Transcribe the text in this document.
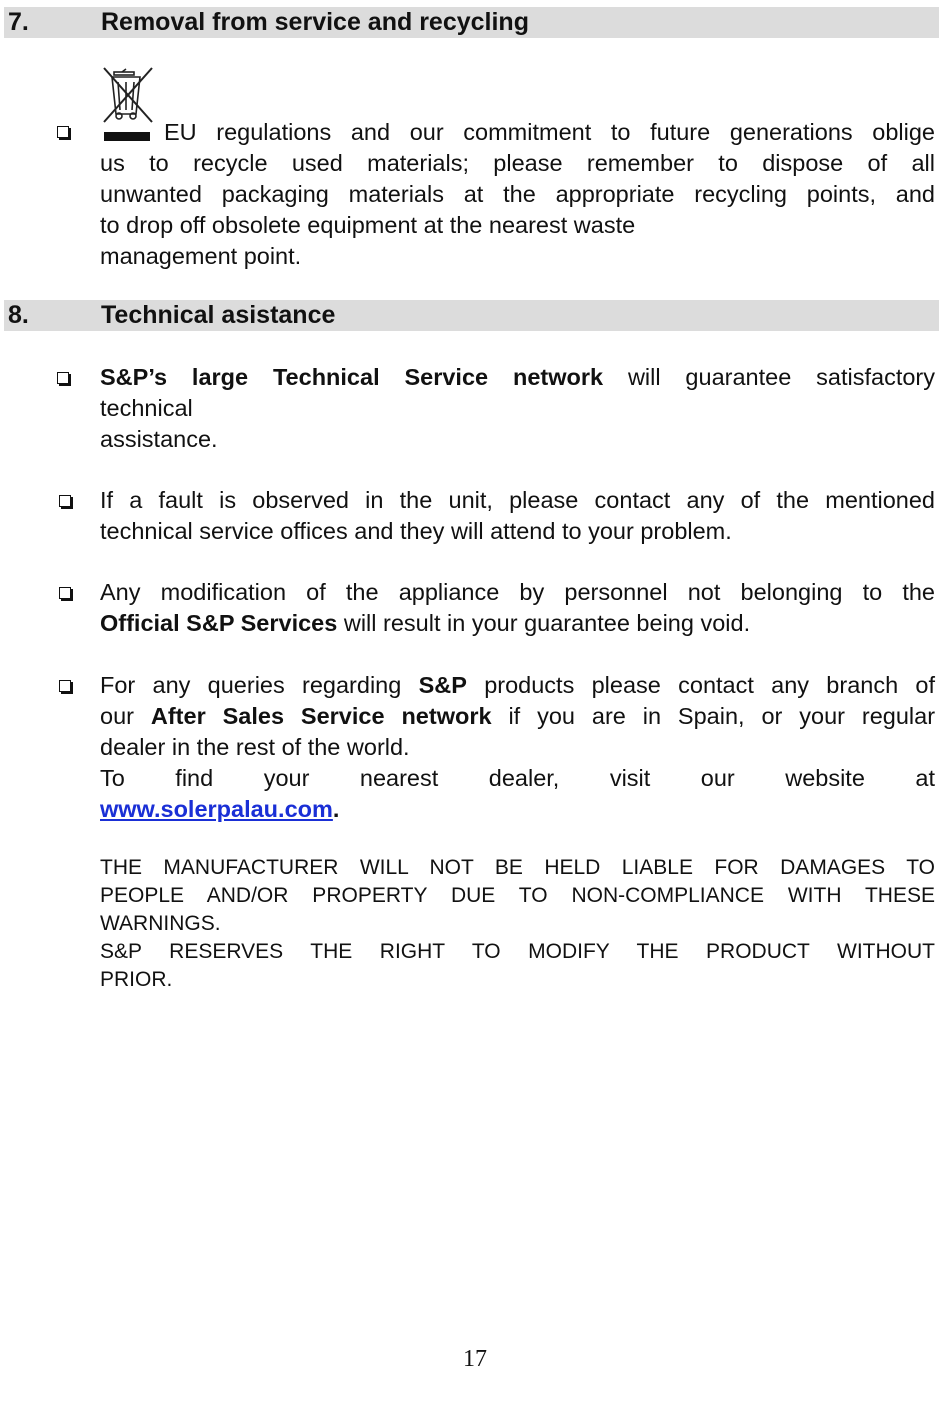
7.	Removal from service and recycling
EU regulations and our commitment to future generations oblige
us to recycle used materials; please remember to dispose of all
unwanted packaging materials at the appropriate recycling points, and
to drop off obsolete equipment at the nearest waste
management point.
8.	Technical asistance
S&P’s large Technical Service network will guarantee satisfactory
technical
assistance.
If a fault is observed in the unit, please contact any of the mentioned
technical service offices and they will attend to your problem.
Any modification of the appliance by personnel not belonging to the
Official S&P Services will result in your guarantee being void.
For any queries regarding S&P products please contact any branch of
our After Sales Service network if you are in Spain, or your regular
dealer in the rest of the world.
To find your nearest dealer, visit our website at
www.solerpalau.com.
THE MANUFACTURER WILL NOT BE HELD LIABLE FOR DAMAGES TO
PEOPLE AND/OR PROPERTY DUE TO NON-COMPLIANCE WITH THESE
WARNINGS.
S&P RESERVES THE RIGHT TO MODIFY THE PRODUCT WITHOUT
PRIOR.
17
